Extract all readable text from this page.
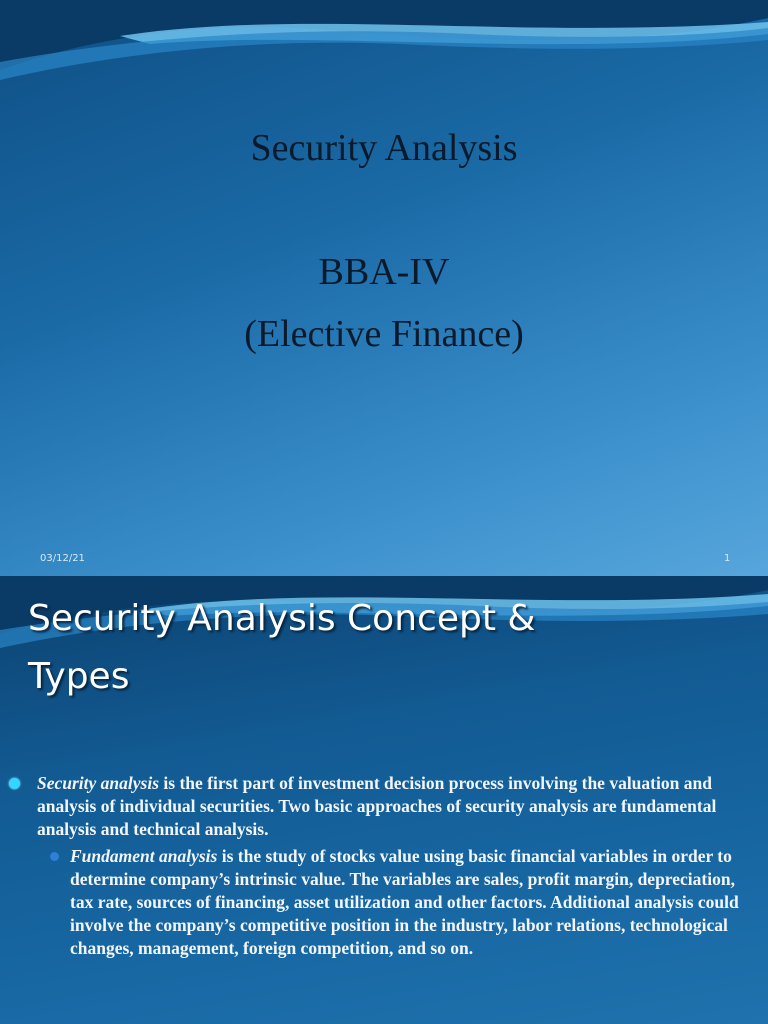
Security Analysis
BBA-IV
(Elective Finance)
03/12/21	1
Security Analysis Concept &
Types
Security analysis is the first part of investment decision process involving the valuation and analysis of individual securities. Two basic approaches of security analysis are fundamental analysis and technical analysis.
Fundament analysis is the study of stocks value using basic financial variables in order to determine company’s intrinsic value. The variables are sales, profit margin, depreciation, tax rate, sources of financing, asset utilization and other factors. Additional analysis could involve the company’s competitive position in the industry, labor relations, technological changes, management, foreign competition, and so on.
